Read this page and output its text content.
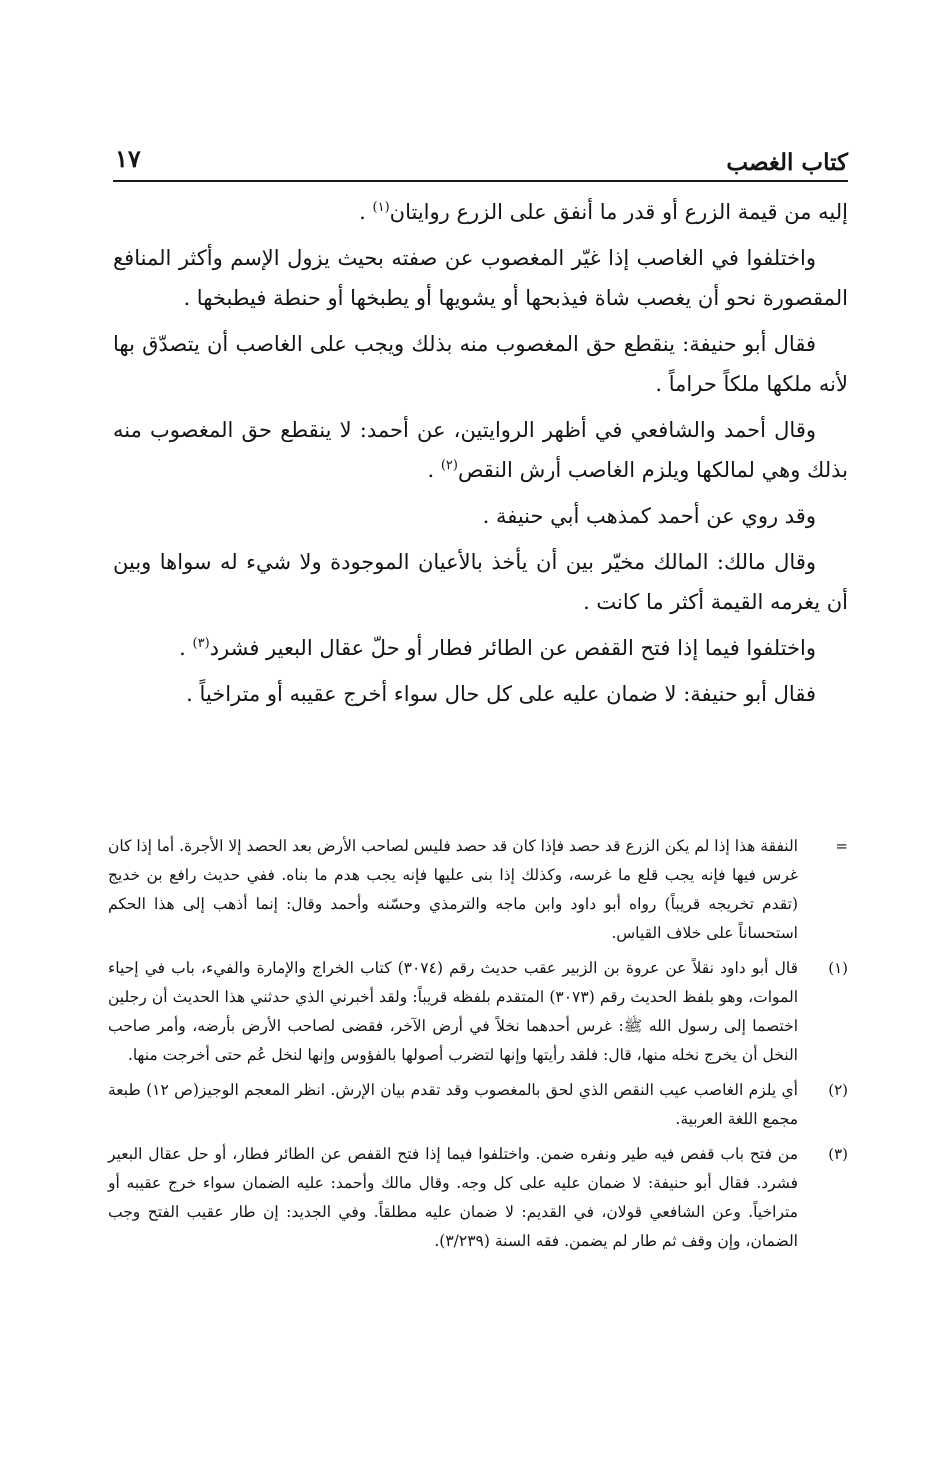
كتاب الغصب
١٧

إليه من قيمة الزرع أو قدر ما أنفق على الزرع روايتان$^{(١)}$ .

واختلفوا في الغاصب إذا غيّر المغصوب عن صفته بحيث يزول الإسم وأكثر المنافع المقصورة نحو أن يغصب شاة فيذبحها أو يشويها أو يطبخها أو حنطة فيطبخها .

فقال أبو حنيفة: ينقطع حق المغصوب منه بذلك ويجب على الغاصب أن يتصدّق بها لأنه ملكها ملكاً حراماً .

وقال أحمد والشافعي في أظهر الروايتين، عن أحمد: لا ينقطع حق المغصوب منه بذلك وهي لمالكها ويلزم الغاصب أرش النقص$^{(٢)}$ .

وقد روي عن أحمد كمذهب أبي حنيفة .

وقال مالك: المالك مخيّر بين أن يأخذ بالأعيان الموجودة ولا شيء له سواها وبين أن يغرمه القيمة أكثر ما كانت .

واختلفوا فيما إذا فتح القفص عن الطائر فطار أو حلّ عقال البعير فشرد$^{(٣)}$ .

فقال أبو حنيفة: لا ضمان عليه على كل حال سواء أخرج عقيبه أو متراخياً .

=
النفقة هذا إذا لم يكن الزرع قد حصد فإذا كان قد حصد فليس لصاحب الأرض بعد الحصد إلا الأجرة. أما إذا كان غرس فيها فإنه يجب قلع ما غرسه، وكذلك إذا بنى عليها فإنه يجب هدم ما بناه. ففي حديث رافع بن خديج (تقدم تخريجه قريباً) رواه أبو داود وابن ماجه والترمذي وحسّنه وأحمد وقال: إنما أذهب إلى هذا الحكم استحساناً على خلاف القياس.
(١)
قال أبو داود نقلاً عن عروة بن الزبير عقب حديث رقم (٣٠٧٤) كتاب الخراج والإمارة والفيء، باب في إحياء الموات، وهو بلفظ الحديث رقم (٣٠٧٣) المتقدم بلفظه قريباً: ولقد أخبرني الذي حدثني هذا الحديث أن رجلين اختصما إلى رسول الله ﷺ: غرس أحدهما نخلاً في أرض الآخر، فقضى لصاحب الأرض بأرضه، وأمر صاحب النخل أن يخرج نخله منها، قال: فلقد رأيتها وإنها لتضرب أصولها بالفؤوس وإنها لنخل عُم حتى أخرجت منها.
(٢)
أي يلزم الغاصب عيب النقص الذي لحق بالمغصوب وقد تقدم بيان الإرش. انظر المعجم الوجيز(ص ١٢) طبعة مجمع اللغة العربية.
(٣)
من فتح باب قفص فيه طير ونفره ضمن. واختلفوا فيما إذا فتح القفص عن الطائر فطار، أو حل عقال البعير فشرد. فقال أبو حنيفة: لا ضمان عليه على كل وجه. وقال مالك وأحمد: عليه الضمان سواء خرج عقيبه أو متراخياً. وعن الشافعي قولان، في القديم: لا ضمان عليه مطلقاً. وفي الجديد: إن طار عقيب الفتح وجب الضمان، وإن وقف ثم طار لم يضمن. فقه السنة (٣/٢٣٩).
